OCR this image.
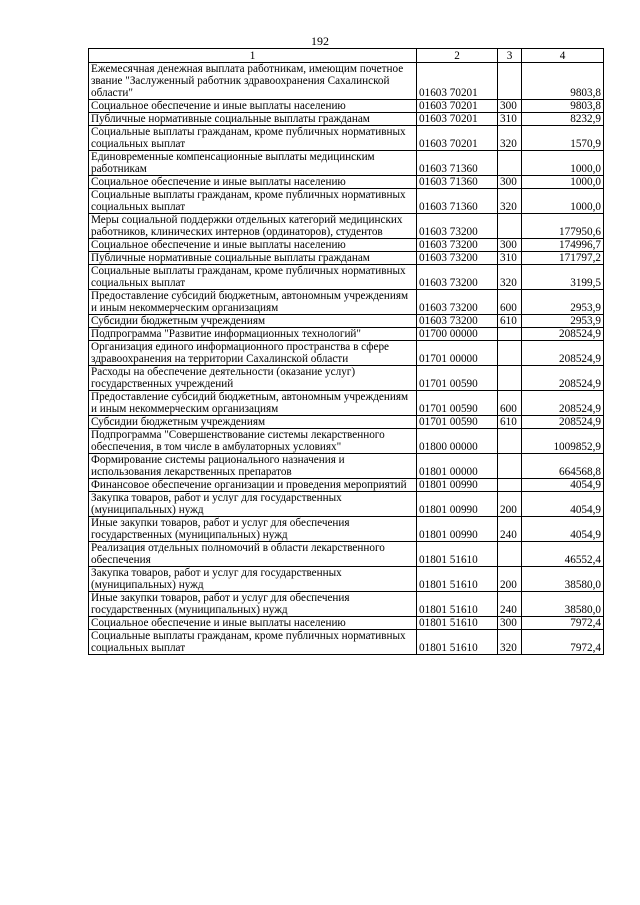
192
1	2	3	4
Ежемесячная денежная выплата работникам, имеющим почетное звание "Заслуженный работник здравоохранения Сахалинской области"	01603 70201		9803,8
Социальное обеспечение и иные выплаты населению	01603 70201	300	9803,8
Публичные нормативные социальные выплаты гражданам	01603 70201	310	8232,9
Социальные выплаты гражданам, кроме публичных нормативных социальных выплат	01603 70201	320	1570,9
Единовременные компенсационные выплаты медицинским работникам	01603 71360		1000,0
Социальное обеспечение и иные выплаты населению	01603 71360	300	1000,0
Социальные выплаты гражданам, кроме публичных нормативных социальных выплат	01603 71360	320	1000,0
Меры социальной поддержки отдельных категорий медицинских работников, клинических интернов (ординаторов), студентов	01603 73200		177950,6
Социальное обеспечение и иные выплаты населению	01603 73200	300	174996,7
Публичные нормативные социальные выплаты гражданам	01603 73200	310	171797,2
Социальные выплаты гражданам, кроме публичных нормативных социальных выплат	01603 73200	320	3199,5
Предоставление субсидий бюджетным, автономным учреждениям и иным некоммерческим организациям	01603 73200	600	2953,9
Субсидии бюджетным учреждениям	01603 73200	610	2953,9
Подпрограмма "Развитие информационных технологий"	01700 00000		208524,9
Организация единого информационного пространства в сфере здравоохранения на территории Сахалинской области	01701 00000		208524,9
Расходы на обеспечение деятельности (оказание услуг) государственных учреждений	01701 00590		208524,9
Предоставление субсидий бюджетным, автономным учреждениям и иным некоммерческим организациям	01701 00590	600	208524,9
Субсидии бюджетным учреждениям	01701 00590	610	208524,9
Подпрограмма "Совершенствование системы лекарственного обеспечения, в том числе в амбулаторных условиях"	01800 00000		1009852,9
Формирование системы рационального назначения и использования лекарственных препаратов	01801 00000		664568,8
Финансовое обеспечение организации и проведения мероприятий	01801 00990		4054,9
Закупка товаров, работ и услуг для государственных (муниципальных) нужд	01801 00990	200	4054,9
Иные закупки товаров, работ и услуг для обеспечения государственных (муниципальных) нужд	01801 00990	240	4054,9
Реализация отдельных полномочий в области лекарственного обеспечения	01801 51610		46552,4
Закупка товаров, работ и услуг для государственных (муниципальных) нужд	01801 51610	200	38580,0
Иные закупки товаров, работ и услуг для обеспечения государственных (муниципальных) нужд	01801 51610	240	38580,0
Социальное обеспечение и иные выплаты населению	01801 51610	300	7972,4
Социальные выплаты гражданам, кроме публичных нормативных социальных выплат	01801 51610	320	7972,4
